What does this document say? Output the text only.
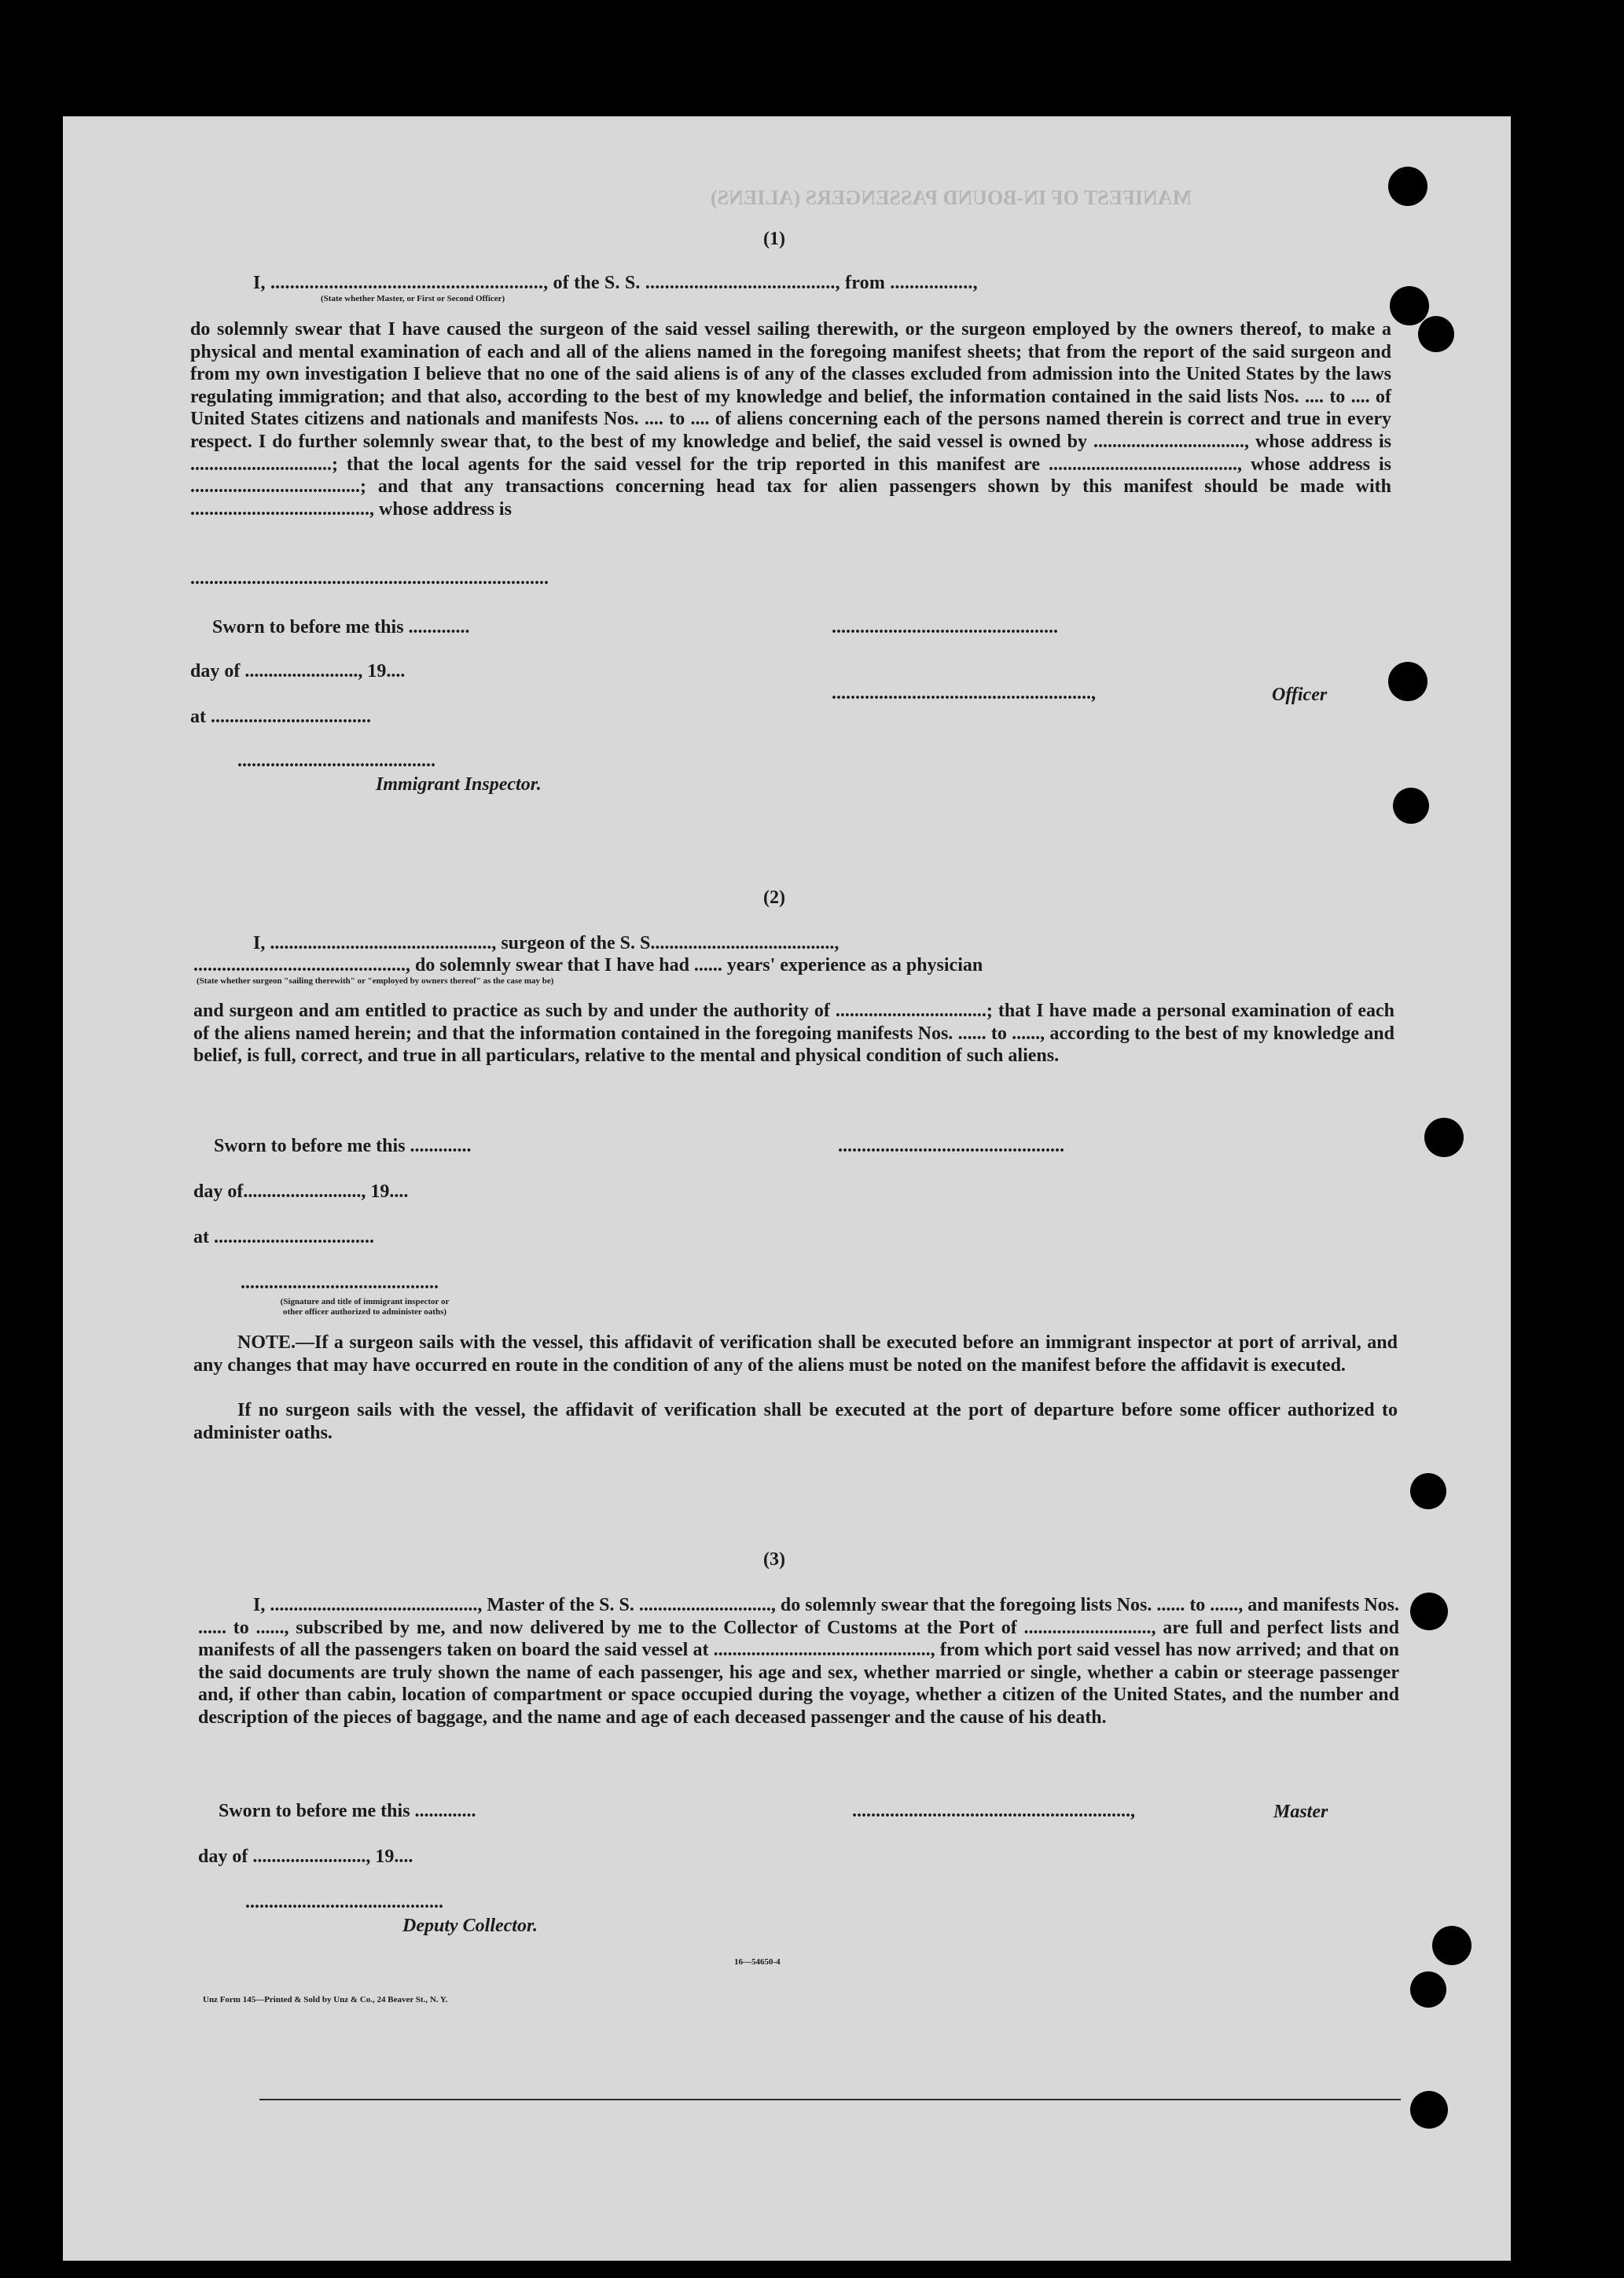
MANIFEST OF IN-BOUND PASSENGERS (ALIENS)
(1)
I, ........................................................, of the S. S. ......................................., from .................,
(State whether Master, or First or Second Officer)
do solemnly swear that I have caused the surgeon of the said vessel sailing therewith, or the surgeon employed by the owners thereof, to make a physical and mental examination of each and all of the aliens named in the foregoing manifest sheets; that from the report of the said surgeon and from my own investigation I believe that no one of the said aliens is of any of the classes excluded from admission into the United States by the laws regulating immigration; and that also, according to the best of my knowledge and belief, the information contained in the said lists Nos. .... to .... of United States citizens and nationals and manifests Nos. .... to .... of aliens concerning each of the persons named therein is correct and true in every respect. I do further solemnly swear that, to the best of my knowledge and belief, the said vessel is owned by ................................, whose address is ..............................; that the local agents for the said vessel for the trip reported in this manifest are ........................................, whose address is ....................................; and that any transactions concerning head tax for alien passengers shown by this manifest should be made with ......................................, whose address is
............................................................................
Sworn to before me this .............	................................................
day of ........................, 19....
.......................................................,	Officer
at ..................................
..........................................
Immigrant Inspector.
(2)
I, ..............................................., surgeon of the S. S.......................................,
............................................., do solemnly swear that I have had ...... years' experience as a physician
(State whether surgeon "sailing therewith" or "employed by owners thereof" as the case may be)
and surgeon and am entitled to practice as such by and under the authority of ................................; that I have made a personal examination of each of the aliens named herein; and that the information contained in the foregoing manifests Nos. ...... to ......, according to the best of my knowledge and belief, is full, correct, and true in all particulars, relative to the mental and physical condition of such aliens.
Sworn to before me this .............	................................................
day of........................., 19....
at ..................................
..........................................
(Signature and title of immigrant inspector or
other officer authorized to administer oaths)
NOTE.—If a surgeon sails with the vessel, this affidavit of verification shall be executed before an immigrant inspector at port of arrival, and any changes that may have occurred en route in the condition of any of the aliens must be noted on the manifest before the affidavit is executed.
If no surgeon sails with the vessel, the affidavit of verification shall be executed at the port of departure before some officer authorized to administer oaths.
(3)
I, ............................................, Master of the S. S. ............................, do solemnly swear that the foregoing lists Nos. ...... to ......, and manifests Nos. ...... to ......, subscribed by me, and now delivered by me to the Collector of Customs at the Port of ..........................., are full and perfect lists and manifests of all the passengers taken on board the said vessel at .............................................., from which port said vessel has now arrived; and that on the said documents are truly shown the name of each passenger, his age and sex, whether married or single, whether a cabin or steerage passenger and, if other than cabin, location of compartment or space occupied during the voyage, whether a citizen of the United States, and the number and description of the pieces of baggage, and the name and age of each deceased passenger and the cause of his death.
Sworn to before me this .............	...........................................................,	Master
day of ........................, 19....
..........................................
Deputy Collector.
16—54650-4
Unz Form 145—Printed & Sold by Unz & Co., 24 Beaver St., N. Y.
